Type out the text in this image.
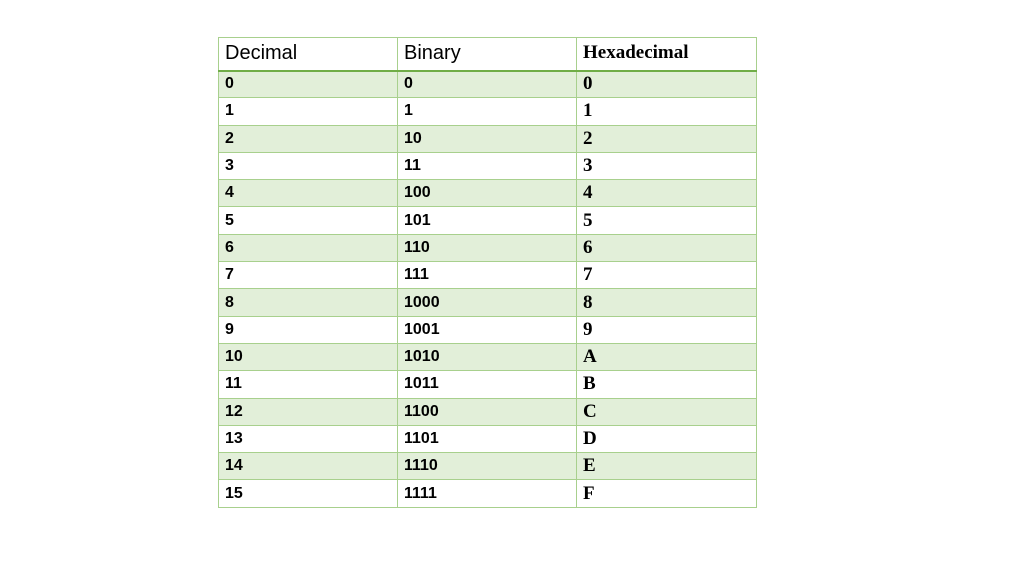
Decimal	Binary	Hexadecimal
0	0	0
1	1	1
2	10	2
3	11	3
4	100	4
5	101	5
6	110	6
7	111	7
8	1000	8
9	1001	9
10	1010	A
11	1011	B
12	1100	C
13	1101	D
14	1110	E
15	1111	F
